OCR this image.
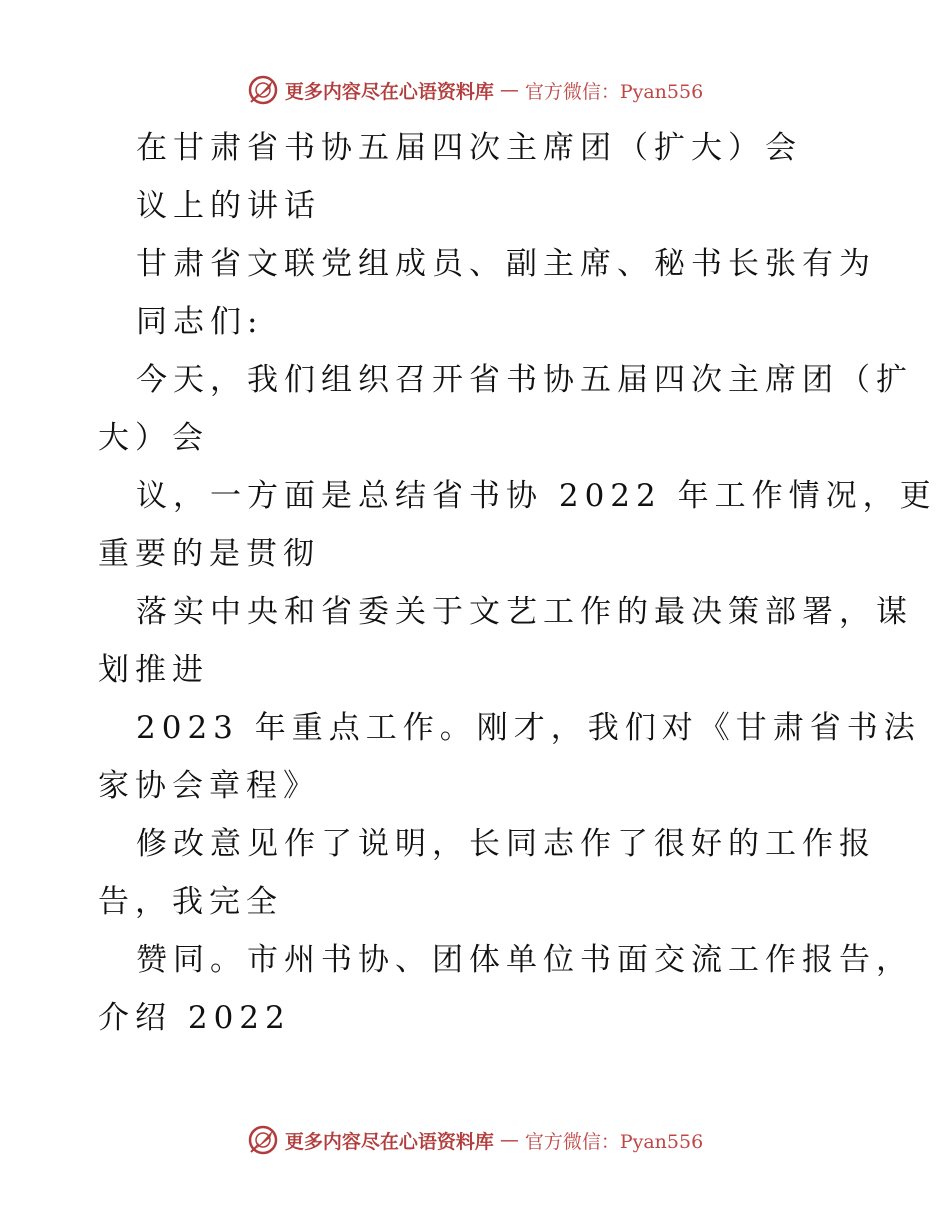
更多内容尽在心语资料库 — 官方微信：Pyan556
在甘肃省书协五届四次主席团（扩大）会
议上的讲话
甘肃省文联党组成员、副主席、秘书长张有为
同志们:
今天，我们组织召开省书协五届四次主席团（扩
大）会
议，一方面是总结省书协 2022 年工作情况，更
重要的是贯彻
落实中央和省委关于文艺工作的最决策部署，谋
划推进
2023 年重点工作。刚才，我们对《甘肃省书法
家协会章程》
修改意见作了说明，长同志作了很好的工作报
告，我完全
赞同。市州书协、团体单位书面交流工作报告，
介绍 2022
更多内容尽在心语资料库 — 官方微信：Pyan556
